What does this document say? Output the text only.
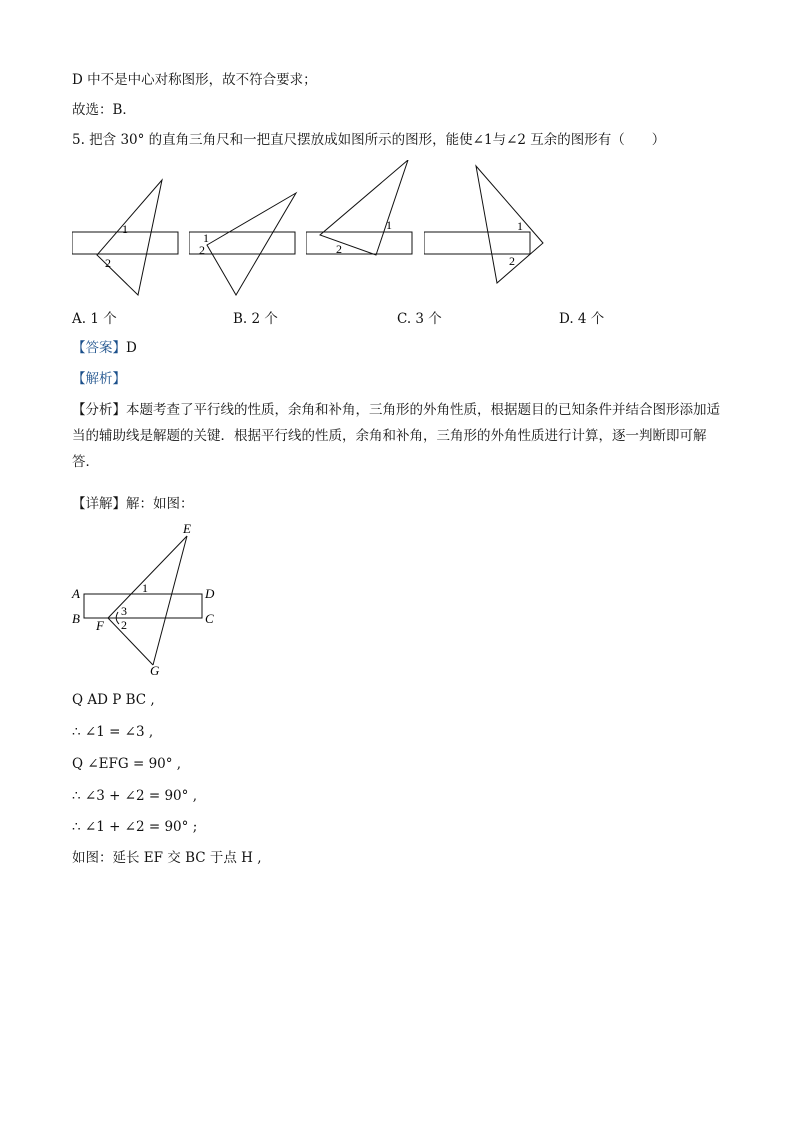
D 中不是中心对称图形，故不符合要求；
故选：B．
5. 把含 30° 的直角三角尺和一把直尺摆放成如图所示的图形，能使∠1与∠2 互余的图形有（　　）
1
2
1
2
1
2
1
2
A. 1 个	B. 2 个	C. 3 个	D. 4 个
【答案】D
【解析】
【分析】本题考查了平行线的性质，余角和补角，三角形的外角性质，根据题目的已知条件并结合图形添加适当的辅助线是解题的关键．根据平行线的性质，余角和补角，三角形的外角性质进行计算，逐一判断即可解答．
【详解】解：如图：
E
A	D
B	C
F
G
1
3
2
Q AD P BC ,
∴ ∠1 = ∠3 ,
Q ∠EFG = 90° ,
∴ ∠3 + ∠2 = 90° ,
∴ ∠1 + ∠2 = 90° ;
如图：延长 EF 交 BC 于点 H ,
